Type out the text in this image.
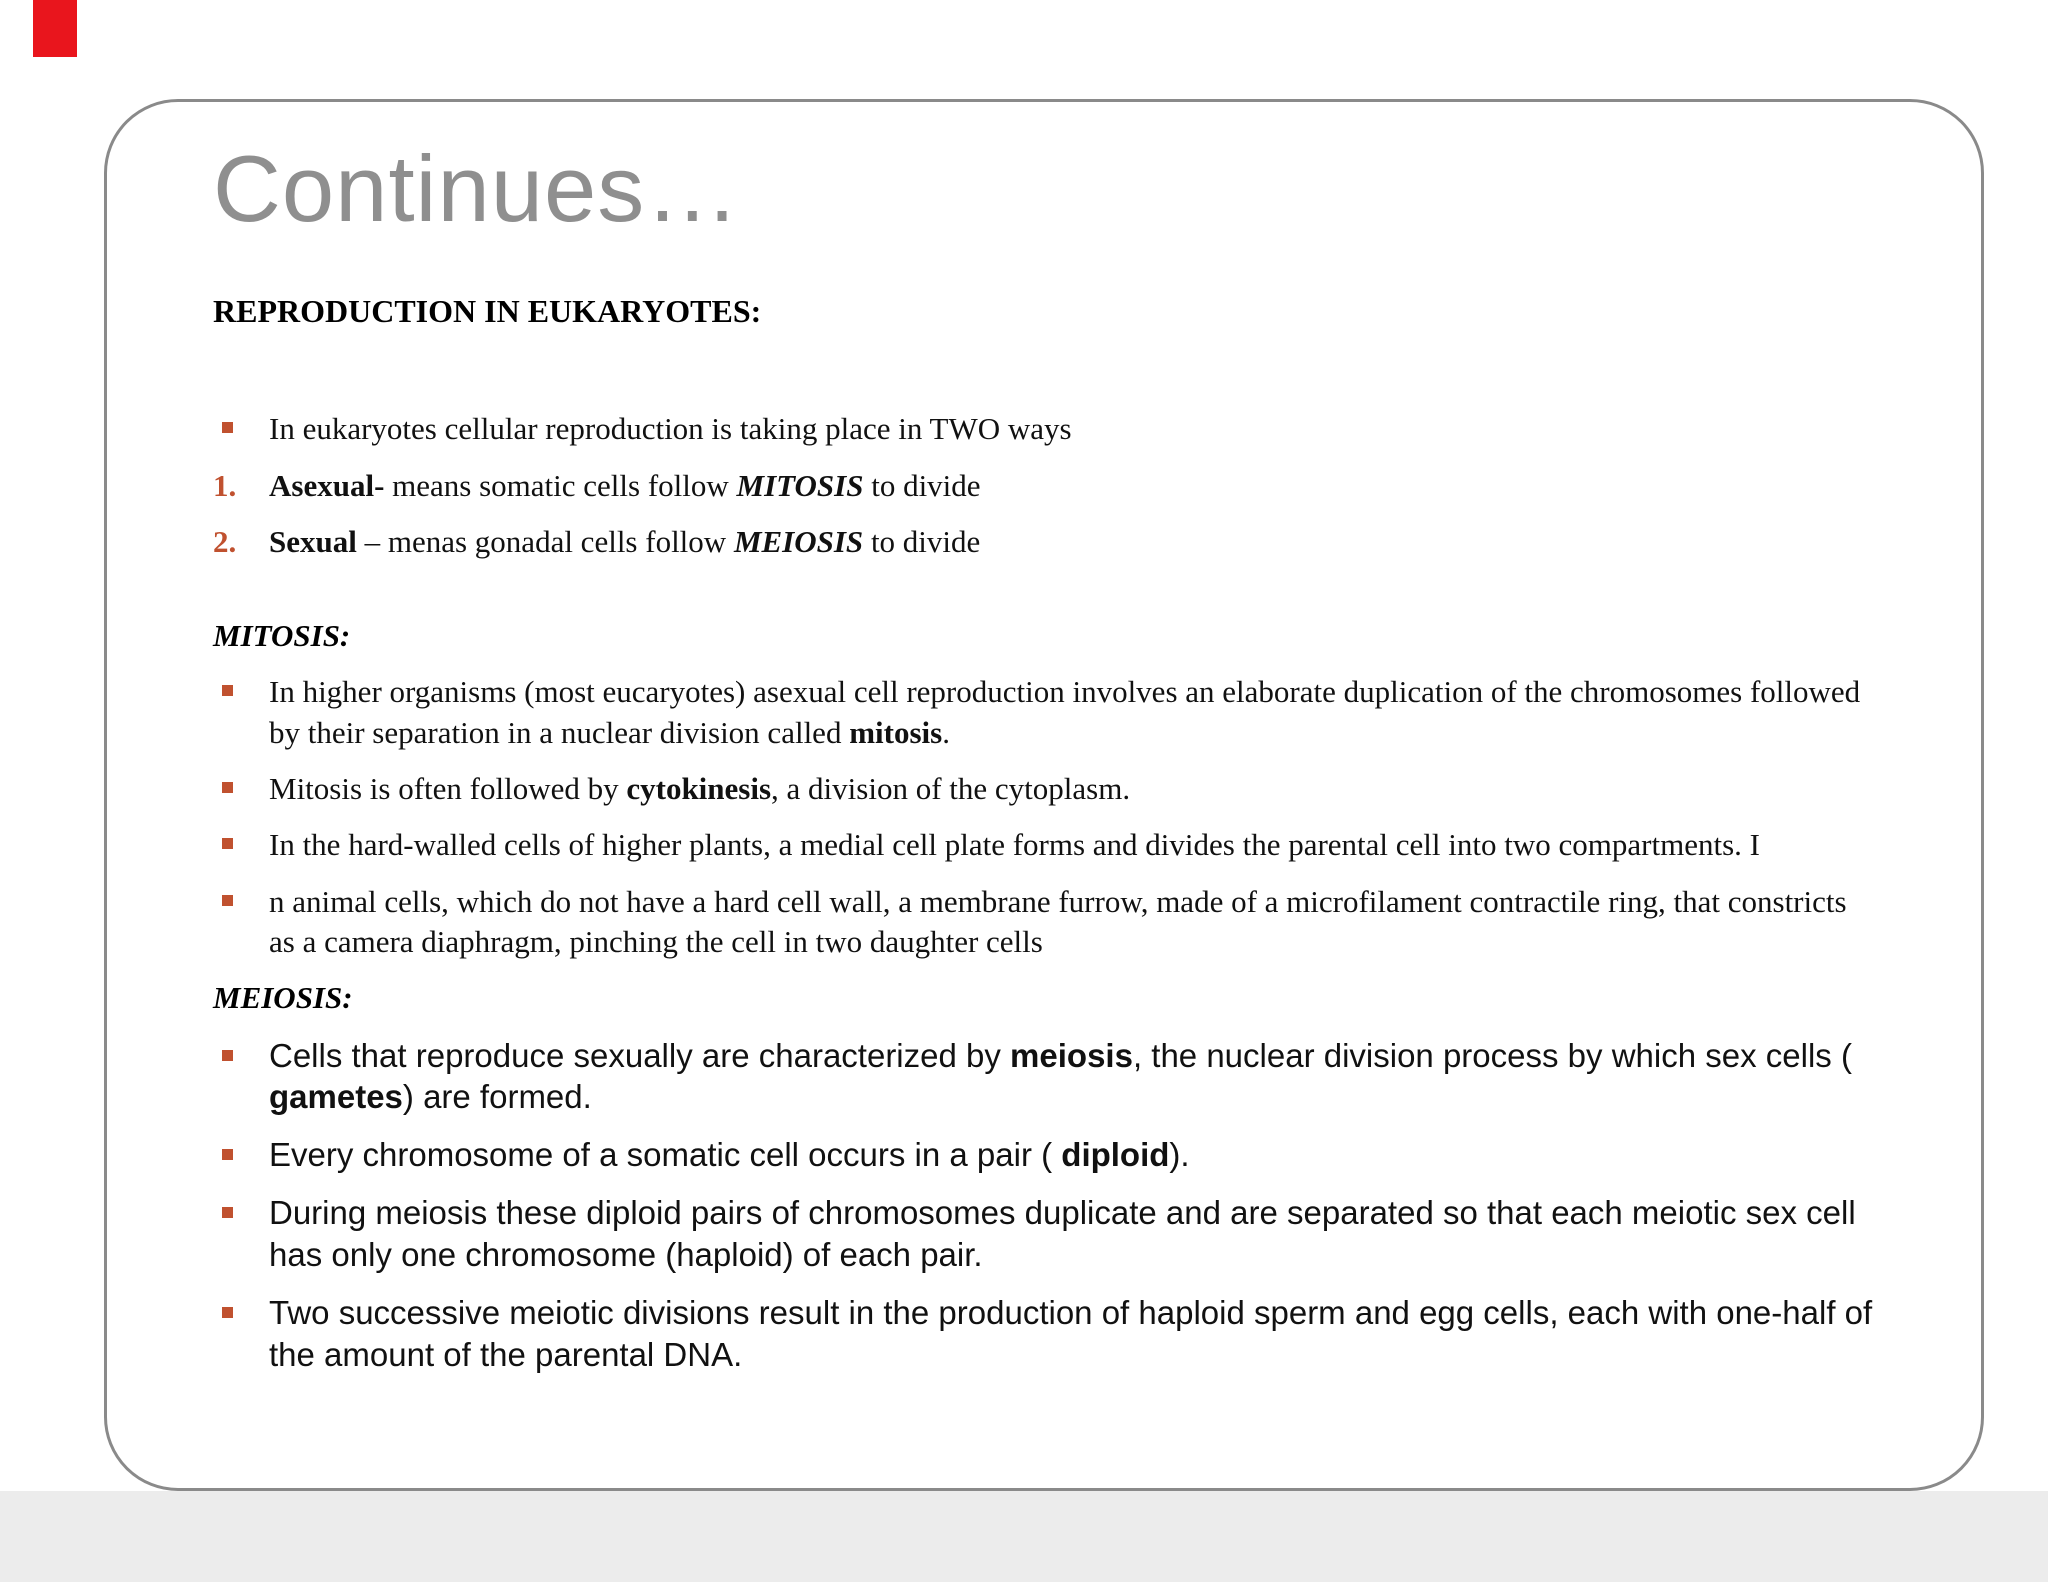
Continues…
REPRODUCTION IN EUKARYOTES:
In eukaryotes cellular reproduction is taking place in TWO ways
1.	Asexual- means somatic cells follow MITOSIS to divide
2.	Sexual – menas gonadal cells follow MEIOSIS to divide
MITOSIS:
In higher organisms (most eucaryotes) asexual cell reproduction involves an elaborate duplication of the chromosomes followed by their separation in a nuclear division called mitosis.
Mitosis is often followed by cytokinesis, a division of the cytoplasm.
In the hard-walled cells of higher plants, a medial cell plate forms and divides the parental cell into two compartments. I
n animal cells, which do not have a hard cell wall, a membrane furrow, made of a microfilament contractile ring, that constricts as a camera diaphragm, pinching the cell in two daughter cells
MEIOSIS:
Cells that reproduce sexually are characterized by meiosis, the nuclear division process by which sex cells ( gametes) are formed.
Every chromosome of a somatic cell occurs in a pair ( diploid).
During meiosis these diploid pairs of chromosomes duplicate and are separated so that each meiotic sex cell has only one chromosome (haploid) of each pair.
Two successive meiotic divisions result in the production of haploid sperm and egg cells, each with one-half of the amount of the parental DNA.
